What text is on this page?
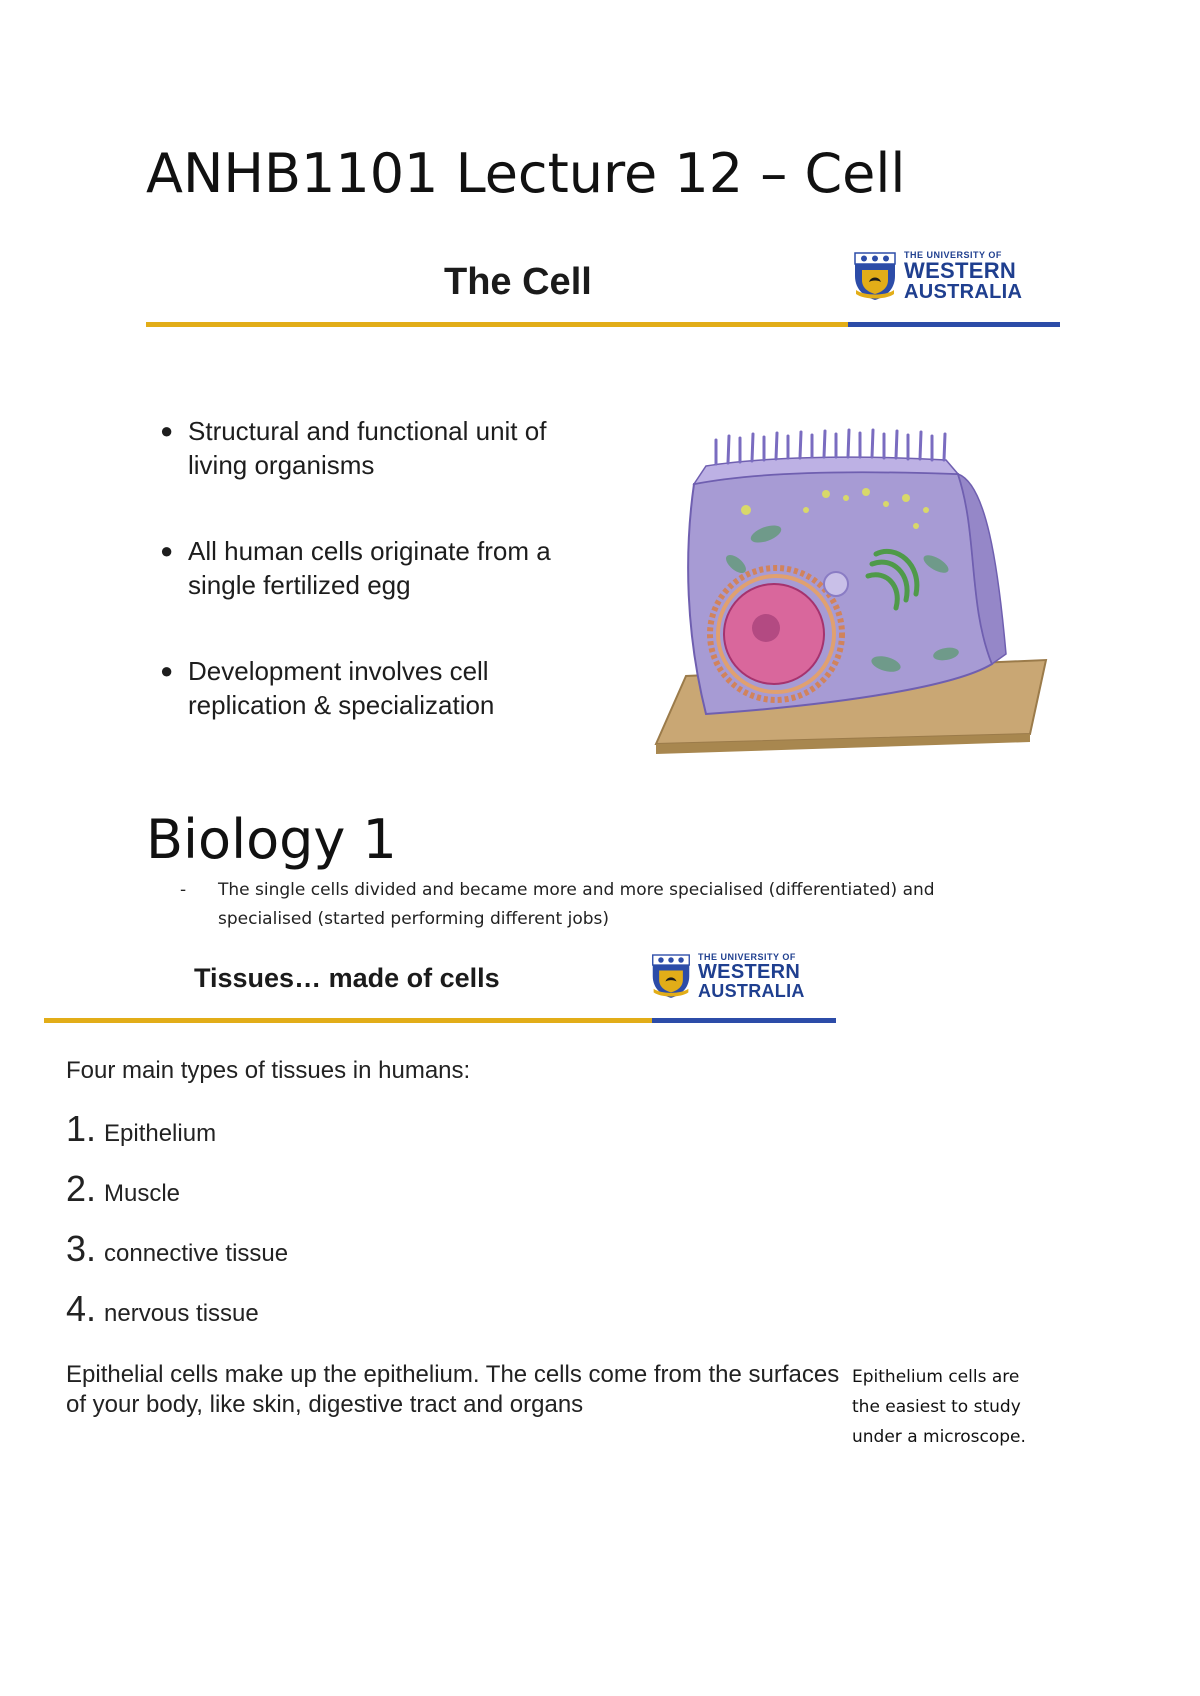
ANHB1101 Lecture 12 – Cell
The Cell
THE UNIVERSITY OF
WESTERN
AUSTRALIA
● Structural and functional unit of living organisms
● All human cells originate from a single fertilized egg
● Development involves cell replication & specialization
Biology 1
-	The single cells divided and became more and more specialised (differentiated) and specialised (started performing different jobs)
Tissues… made of cells
THE UNIVERSITY OF
WESTERN
AUSTRALIA
Four main types of tissues in humans:
1. Epithelium
2. Muscle
3. connective tissue
4. nervous tissue
Epithelial cells make up the epithelium. The cells come from the surfaces of your body, like skin, digestive tract and organs
Epithelium cells are the easiest to study under a microscope.
